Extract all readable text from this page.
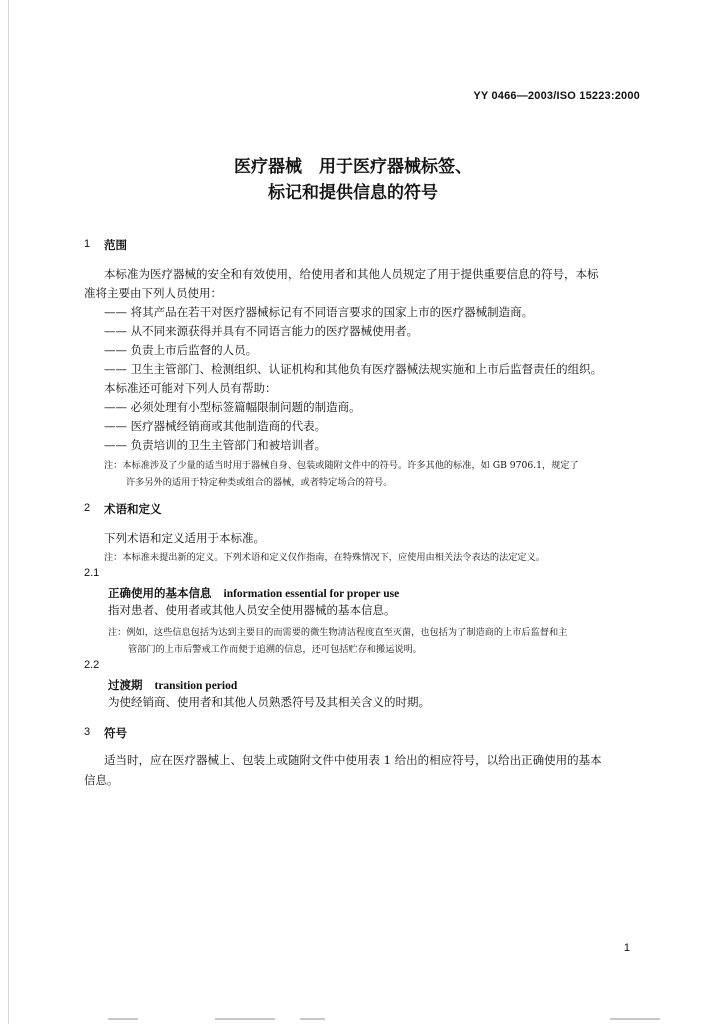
YY 0466—2003/ISO 15223:2000
医疗器械　用于医疗器械标签、
标记和提供信息的符号
1 范围
本标准为医疗器械的安全和有效使用，给使用者和其他人员规定了用于提供重要信息的符号，本标
准将主要由下列人员使用：
—— 将其产品在若干对医疗器械标记有不同语言要求的国家上市的医疗器械制造商。
—— 从不同来源获得并具有不同语言能力的医疗器械使用者。
—— 负责上市后监督的人员。
—— 卫生主管部门、检测组织、认证机构和其他负有医疗器械法规实施和上市后监督责任的组织。
本标准还可能对下列人员有帮助：
—— 必须处理有小型标签篇幅限制问题的制造商。
—— 医疗器械经销商或其他制造商的代表。
—— 负责培训的卫生主管部门和被培训者。
注：本标准涉及了少量的适当时用于器械自身、包装或随附文件中的符号。许多其他的标准，如 GB 9706.1，规定了
许多另外的适用于特定种类或组合的器械，或者特定场合的符号。
2 术语和定义
下列术语和定义适用于本标准。
注：本标准未提出新的定义。下列术语和定义仅作指南，在特殊情况下，应使用由相关法令表达的法定定义。
2.1
正确使用的基本信息 information essential for proper use
指对患者、使用者或其他人员安全使用器械的基本信息。
注：例如，这些信息包括为达到主要目的而需要的微生物清洁程度直至灭菌，也包括为了制造商的上市后监督和主
管部门的上市后警戒工作而便于追溯的信息，还可包括贮存和搬运说明。
2.2
过渡期 transition period
为使经销商、使用者和其他人员熟悉符号及其相关含义的时期。
3 符号
适当时，应在医疗器械上、包装上或随附文件中使用表 1 给出的相应符号，以给出正确使用的基本
信息。
1
